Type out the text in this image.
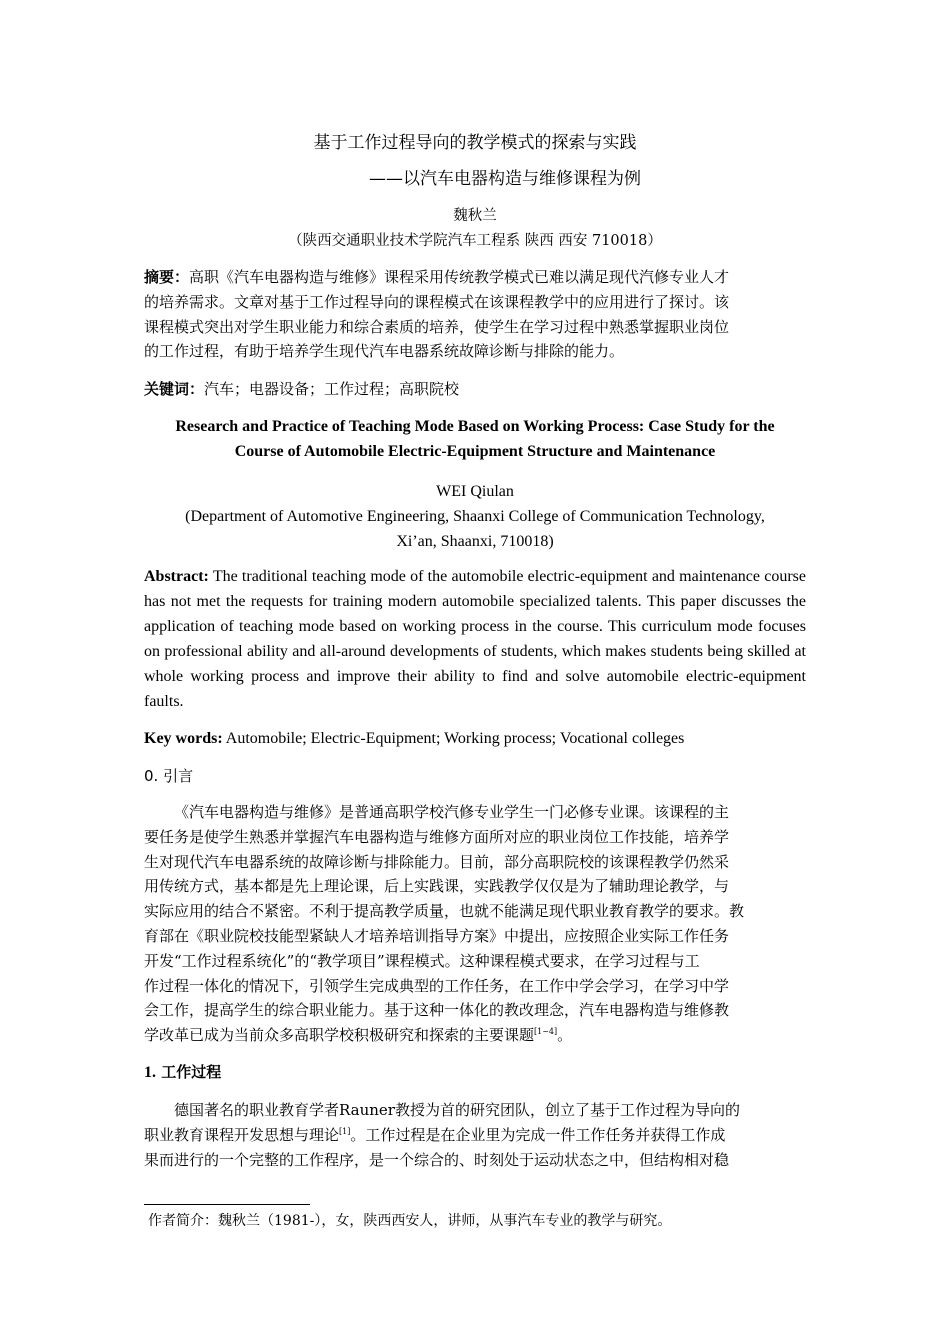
基于工作过程导向的教学模式的探索与实践
——以汽车电器构造与维修课程为例
魏秋兰
（陕西交通职业技术学院汽车工程系 陕西 西安 710018）
摘要：高职《汽车电器构造与维修》课程采用传统教学模式已难以满足现代汽修专业人才
的培养需求。文章对基于工作过程导向的课程模式在该课程教学中的应用进行了探讨。该
课程模式突出对学生职业能力和综合素质的培养，使学生在学习过程中熟悉掌握职业岗位
的工作过程，有助于培养学生现代汽车电器系统故障诊断与排除的能力。
关键词：汽车；电器设备；工作过程；高职院校
Research and Practice of Teaching Mode Based on Working Process: Case Study for the
Course of Automobile Electric-Equipment Structure and Maintenance
WEI Qiulan
(Department of Automotive Engineering, Shaanxi College of Communication Technology,
Xi’an, Shaanxi, 710018)
Abstract: The traditional teaching mode of the automobile electric-equipment and maintenance course has not met the requests for training modern automobile specialized talents. This paper discusses the application of teaching mode based on working process in the course. This curriculum mode focuses on professional ability and all-around developments of students, which makes students being skilled at whole working process and improve their ability to find and solve automobile electric-equipment faults.
Key words: Automobile; Electric-Equipment; Working process; Vocational colleges
0. 引言
《汽车电器构造与维修》是普通高职学校汽修专业学生一门必修专业课。该课程的主
要任务是使学生熟悉并掌握汽车电器构造与维修方面所对应的职业岗位工作技能，培养学
生对现代汽车电器系统的故障诊断与排除能力。目前，部分高职院校的该课程教学仍然采
用传统方式，基本都是先上理论课，后上实践课，实践教学仅仅是为了辅助理论教学，与
实际应用的结合不紧密。不利于提高教学质量，也就不能满足现代职业教育教学的要求。教
育部在《职业院校技能型紧缺人才培养培训指导方案》中提出，应按照企业实际工作任务
开发“工作过程系统化”的“教学项目”课程模式。这种课程模式要求，在学习过程与工
作过程一体化的情况下，引领学生完成典型的工作任务，在工作中学会学习，在学习中学
会工作，提高学生的综合职业能力。基于这种一体化的教改理念，汽车电器构造与维修教
学改革已成为当前众多高职学校积极研究和探索的主要课题[1~4]。
1. 工作过程
德国著名的职业教育学者Rauner教授为首的研究团队，创立了基于工作过程为导向的
职业教育课程开发思想与理论[1]。工作过程是在企业里为完成一件工作任务并获得工作成
果而进行的一个完整的工作程序，是一个综合的、时刻处于运动状态之中，但结构相对稳
作者简介：魏秋兰（1981-），女，陕西西安人，讲师，从事汽车专业的教学与研究。
